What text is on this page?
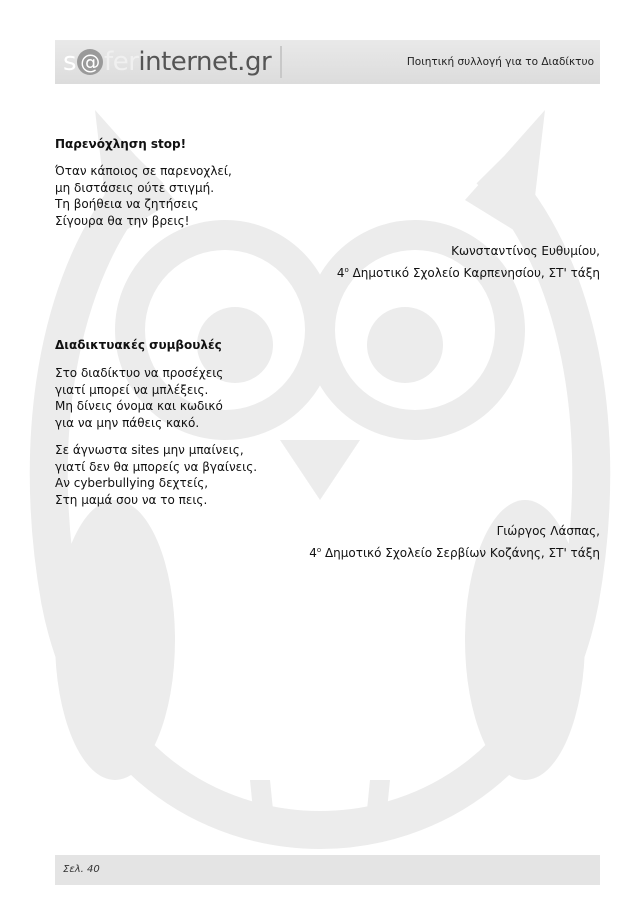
s @ ferinternet.gr	Ποιητική συλλογή για το Διαδίκτυο
Παρενόχληση stop!
Όταν κάποιος σε παρενοχλεί,
μη διστάσεις ούτε στιγμή.
Τη βοήθεια να ζητήσεις
Σίγουρα θα την βρεις!
Κωνσταντίνος Ευθυμίου,
$4^o$ Δημοτικό Σχολείο Καρπενησίου, ΣΤ' τάξη
Διαδικτυακές συμβουλές
Στο διαδίκτυο να προσέχεις
γιατί μπορεί να μπλέξεις.
Μη δίνεις όνομα και κωδικό
για να μην πάθεις κακό.
Σε άγνωστα sites μην μπαίνεις,
γιατί δεν θα μπορείς να βγαίνεις.
Αν cyberbullying δεχτείς,
Στη μαμά σου να το πεις.
Γιώργος Λάσπας,
$4^o$ Δημοτικό Σχολείο Σερβίων Κοζάνης, ΣΤ' τάξη
Σελ. 40
